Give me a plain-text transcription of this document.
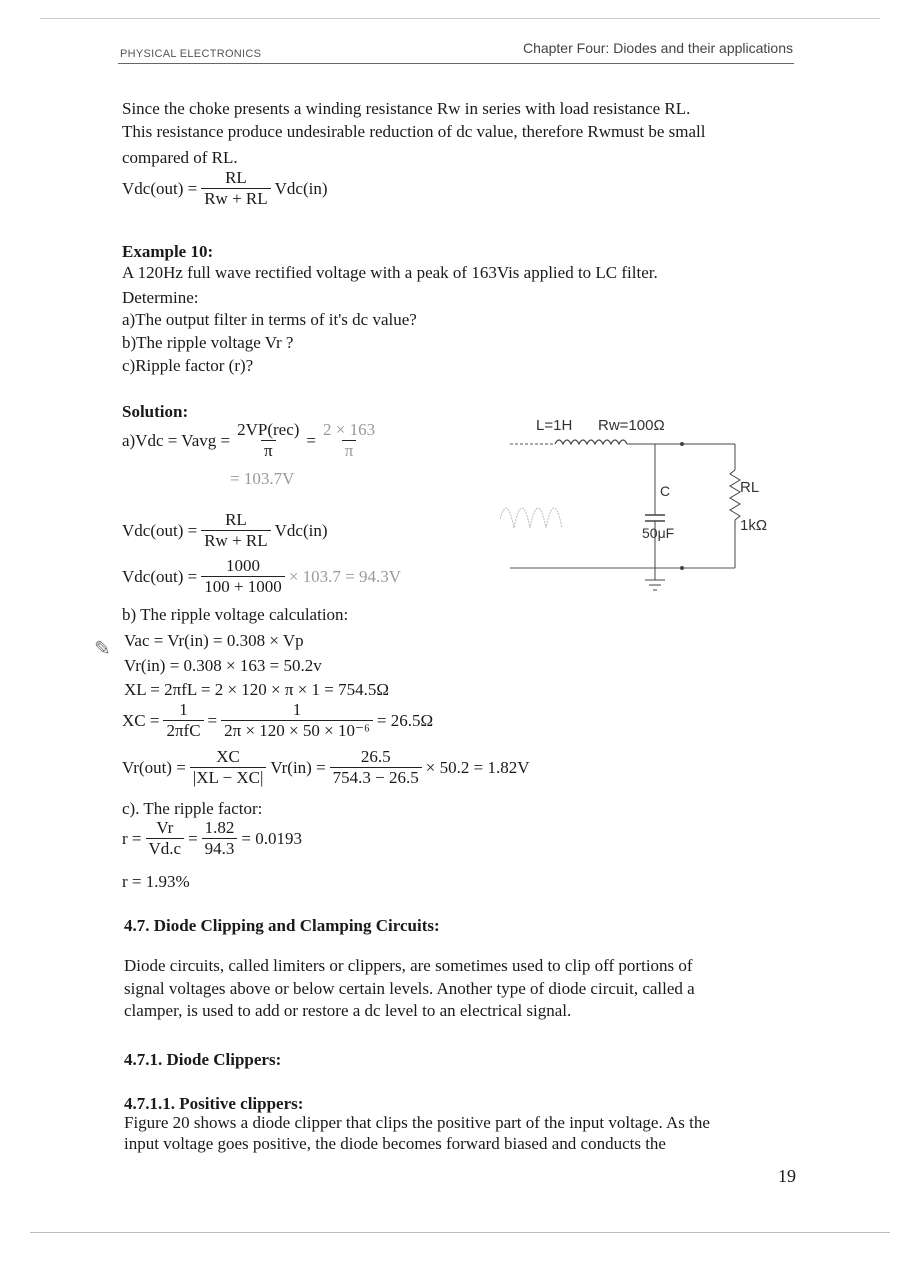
PHYSICAL ELECTRONICS	Chapter Four: Diodes and their applications
Since the choke presents a winding resistance Rw in series with load resistance RL.
This resistance produce undesirable reduction of dc value, therefore Rwmust be small
compared of RL.
$Vdc(out) = \frac{RL}{Rw + RL} Vdc(in)$
Example 10:
A 120Hz full wave rectified voltage with a peak of 163Vis applied to LC filter.
Determine:
a)The output filter in terms of it's dc value?
b)The ripple voltage Vr ?
c)Ripple factor (r)?
Solution:
a)Vdc = Vavg = $\frac{\text{2VP(rec)}}{\pi} = \frac{2 \times 163}{\pi}$
= 103.7V
$Vdc(out) = \frac{RL}{Rw + RL} Vdc(in)$
$Vdc(out) = \frac{1000}{100 + 1000} \times 103.7 = 94.3V$
b) The ripple voltage calculation:
✎ Vac = Vr(in) = 0.308 × Vp
Vr(in) = 0.308 × 163 = 50.2v
XL = 2πfL = 2 × 120 × π × 1 = 754.5Ω
XC = $\frac{1}{\text{2πfC}} = \frac{1}{\text{2π × 120 × 50 × 10⁻⁶}} = 26.5\Omega$
$Vr(out) = \frac{XC}{|XL - XC|} Vr(in) = \frac{26.5}{754.3 - 26.5} \times 50.2 = 1.82V$
c). The ripple factor:
$r = \frac{Vr}{Vd.c} = \frac{1.82}{94.3} = 0.0193$
r = 1.93%
L=1H Rw=100Ω
C
50μF
RL
1kΩ
4.7. Diode Clipping and Clamping Circuits:
Diode circuits, called limiters or clippers, are sometimes used to clip off portions of
signal voltages above or below certain levels. Another type of diode circuit, called a
clamper, is used to add or restore a dc level to an electrical signal.
4.7.1. Diode Clippers:
4.7.1.1. Positive clippers:
Figure 20 shows a diode clipper that clips the positive part of the input voltage. As the
input voltage goes positive, the diode becomes forward biased and conducts the
19
